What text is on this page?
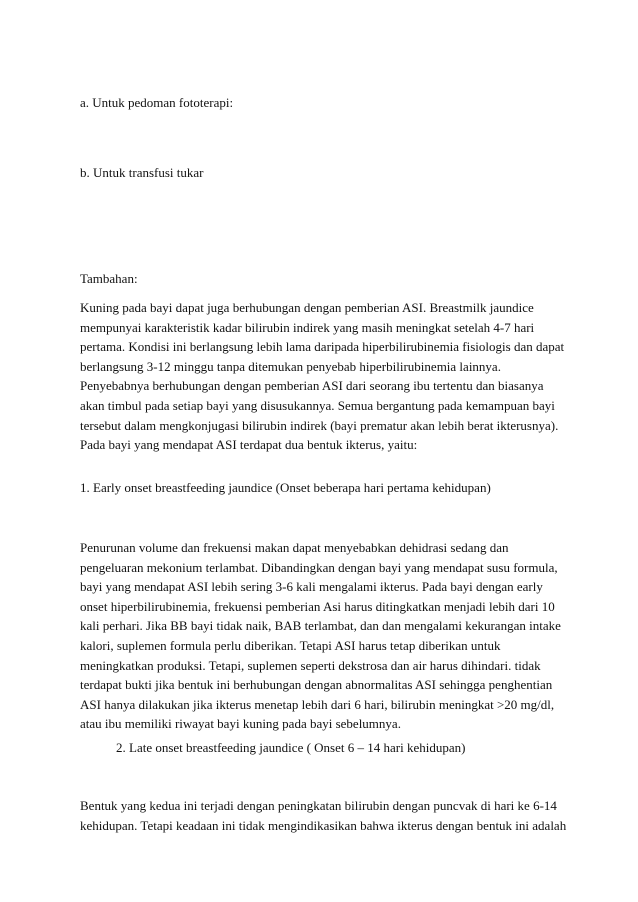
a. Untuk pedoman fototerapi:
b. Untuk transfusi tukar
Tambahan:
Kuning pada bayi dapat juga berhubungan dengan pemberian ASI. Breastmilk jaundice
mempunyai karakteristik kadar bilirubin indirek yang masih meningkat setelah 4-7 hari
pertama. Kondisi ini berlangsung lebih lama daripada hiperbilirubinemia fisiologis dan dapat
berlangsung 3-12 minggu tanpa ditemukan penyebab hiperbilirubinemia lainnya.
Penyebabnya berhubungan dengan pemberian ASI dari seorang ibu tertentu dan biasanya
akan timbul pada setiap bayi yang disusukannya. Semua bergantung pada kemampuan bayi
tersebut dalam mengkonjugasi bilirubin indirek (bayi prematur akan lebih berat ikterusnya).
Pada bayi yang mendapat ASI terdapat dua bentuk ikterus, yaitu:
1. Early onset breastfeeding jaundice (Onset beberapa hari pertama kehidupan)
Penurunan volume dan frekuensi makan dapat menyebabkan dehidrasi sedang dan
pengeluaran mekonium terlambat. Dibandingkan dengan bayi yang mendapat susu formula,
bayi yang mendapat ASI lebih sering 3-6 kali mengalami ikterus. Pada bayi dengan early
onset hiperbilirubinemia, frekuensi pemberian Asi harus ditingkatkan menjadi lebih dari 10
kali perhari. Jika BB bayi tidak naik, BAB terlambat, dan dan mengalami kekurangan intake
kalori, suplemen formula perlu diberikan. Tetapi ASI harus tetap diberikan untuk
meningkatkan produksi. Tetapi, suplemen seperti dekstrosa dan air harus dihindari. tidak
terdapat bukti jika bentuk ini berhubungan dengan abnormalitas ASI sehingga penghentian
ASI hanya dilakukan jika ikterus menetap lebih dari 6 hari, bilirubin meningkat >20 mg/dl,
atau ibu memiliki riwayat bayi kuning pada bayi sebelumnya.
2. Late onset breastfeeding jaundice ( Onset 6 – 14 hari kehidupan)
Bentuk yang kedua ini terjadi dengan peningkatan bilirubin dengan puncvak di hari ke 6-14
kehidupan. Tetapi keadaan ini tidak mengindikasikan bahwa ikterus dengan bentuk ini adalah
